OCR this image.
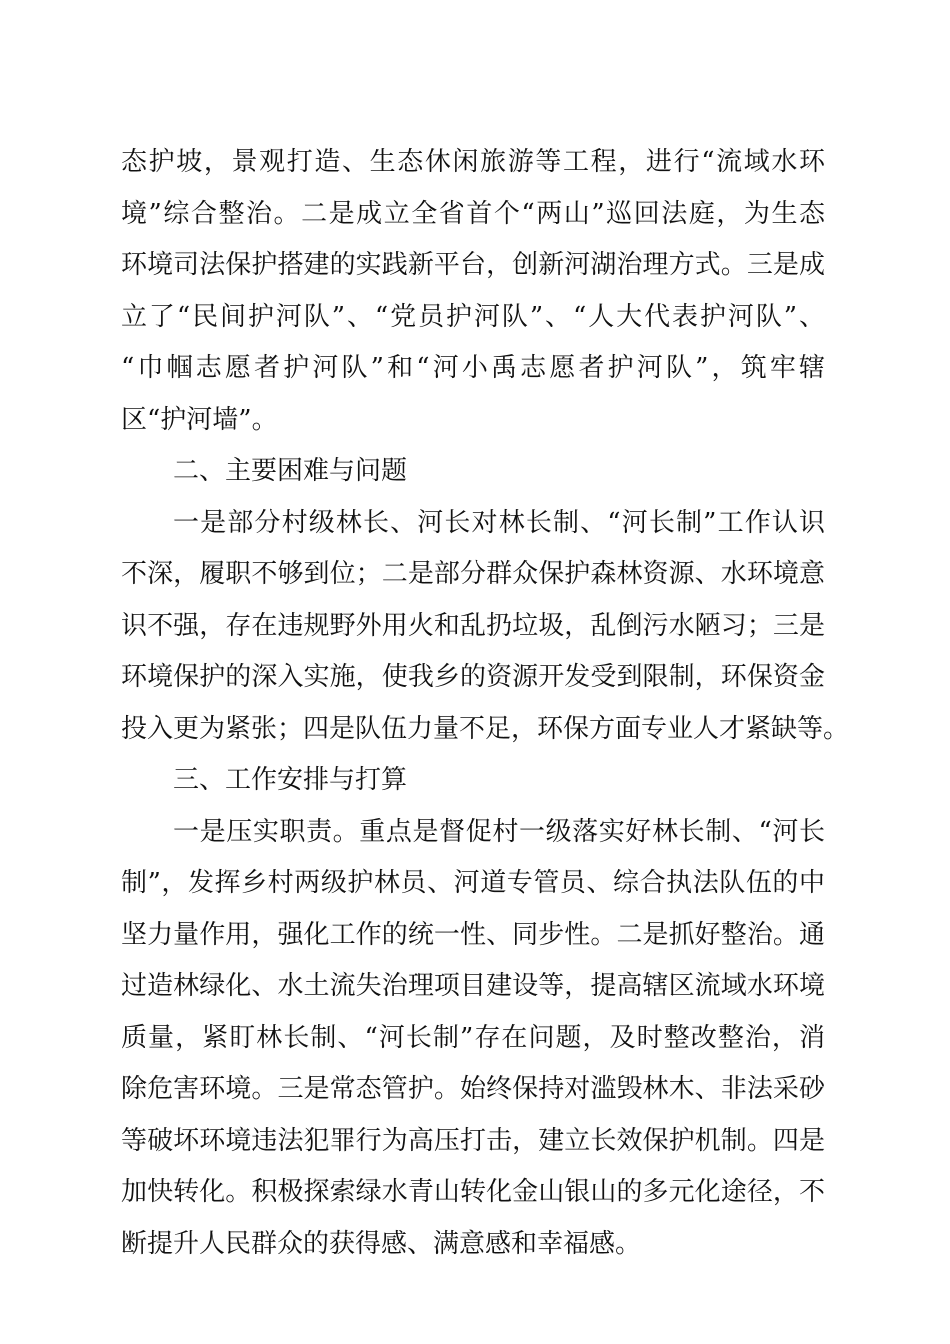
态护坡，景观打造、生态休闲旅游等工程，进行“流域水环
境”综合整治。二是成立全省首个“两山”巡回法庭，为生态
环境司法保护搭建的实践新平台，创新河湖治理方式。三是成
立了“民间护河队”、“党员护河队”、“人大代表护河队”、
“巾帼志愿者护河队”和“河小禹志愿者护河队”，筑牢辖
区“护河墙”。
二、主要困难与问题
一是部分村级林长、河长对林长制、“河长制”工作认识
不深，履职不够到位；二是部分群众保护森林资源、水环境意
识不强，存在违规野外用火和乱扔垃圾，乱倒污水陋习；三是
环境保护的深入实施，使我乡的资源开发受到限制，环保资金
投入更为紧张；四是队伍力量不足，环保方面专业人才紧缺等。
三、工作安排与打算
一是压实职责。重点是督促村一级落实好林长制、“河长
制”，发挥乡村两级护林员、河道专管员、综合执法队伍的中
坚力量作用，强化工作的统一性、同步性。二是抓好整治。通
过造林绿化、水土流失治理项目建设等，提高辖区流域水环境
质量，紧盯林长制、“河长制”存在问题，及时整改整治，消
除危害环境。三是常态管护。始终保持对滥毁林木、非法采砂
等破坏环境违法犯罪行为高压打击，建立长效保护机制。四是
加快转化。积极探索绿水青山转化金山银山的多元化途径，不
断提升人民群众的获得感、满意感和幸福感。
